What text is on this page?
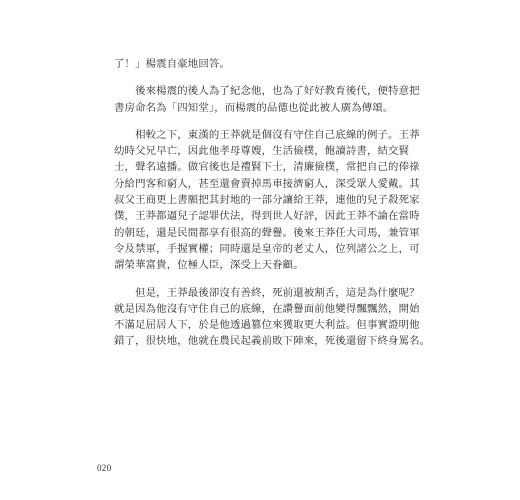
了！」楊震自豪地回答。
　　後來楊震的後人為了紀念他，也為了好好教育後代，便特意把
書房命名為「四知堂」，而楊震的品德也從此被人廣為傳頌。
　　相較之下，東漢的王莽就是個沒有守住自己底線的例子。王莽
幼時父兄早亡，因此他孝母尊嫂，生活儉樸，飽讀詩書，結交賢
士，聲名遠播。做官後也是禮賢下士，清廉儉樸，常把自己的俸祿
分給門客和窮人，甚至還會賣掉馬車接濟窮人，深受眾人愛戴。其
叔父王商更上書願把其封地的一部分讓給王莽，連他的兒子殺死家
僕，王莽都逼兒子認罪伏法，得到世人好評，因此王莽不論在當時
的朝廷，還是民間都享有很高的聲譽。後來王莽任大司馬，兼管軍
令及禁軍，手握實權；同時還是皇帝的老丈人，位列諸公之上，可
謂榮華富貴，位極人臣，深受上天眷顧。
　　但是，王莽最後卻沒有善終，死前還被割舌，這是為什麼呢？
就是因為他沒有守住自己的底線，在讚譽面前他變得飄飄然，開始
不滿足屈居人下，於是他透過篡位來獲取更大利益。但事實證明他
錯了，很快地，他就在農民起義前敗下陣來，死後還留下終身罵名。
020
